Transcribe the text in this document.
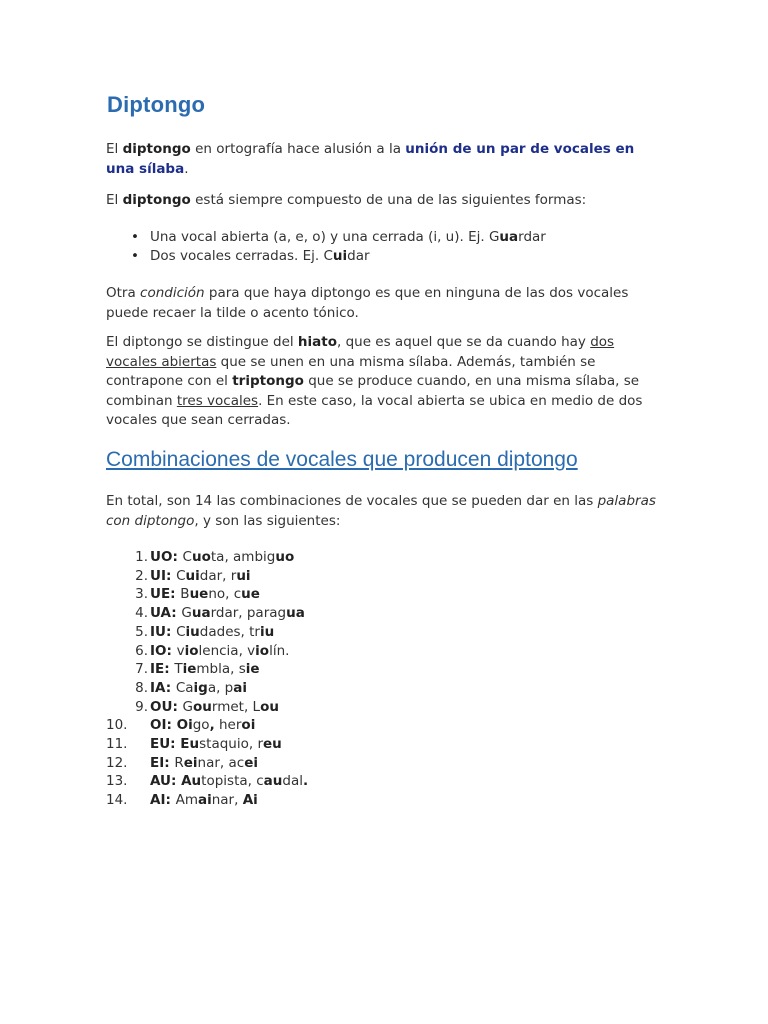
Diptongo

El diptongo en ortografía hace alusión a la unión de un par de vocales en una sílaba.

El diptongo está siempre compuesto de una de las siguientes formas:

• Una vocal abierta (a, e, o) y una cerrada (i, u). Ej. Guardar
• Dos vocales cerradas. Ej. Cuidar

Otra condición para que haya diptongo es que en ninguna de las dos vocales puede recaer la tilde o acento tónico.

El diptongo se distingue del hiato, que es aquel que se da cuando hay dos vocales abiertas que se unen en una misma sílaba. Además, también se contrapone con el triptongo que se produce cuando, en una misma sílaba, se combinan tres vocales. En este caso, la vocal abierta se ubica en medio de dos vocales que sean cerradas.

Combinaciones de vocales que producen diptongo

En total, son 14 las combinaciones de vocales que se pueden dar en las palabras con diptongo, y son las siguientes:

1. UO: Cuota, ambiguo
2. UI: Cuidar, rui
3. UE: Bueno, cue
4. UA: Guardar, paragua
5. IU: Ciudades, triu
6. IO: violencia, violín.
7. IE: Tiembla, sie
8. IA: Caiga, pai
9. OU: Gourmet, Lou
10.	OI: Oigo, heroi
11.	EU: Eustaquio, reu
12.	EI: Reinar, acei
13.	AU: Autopista, caudal.
14.	AI: Amainar, Ai
